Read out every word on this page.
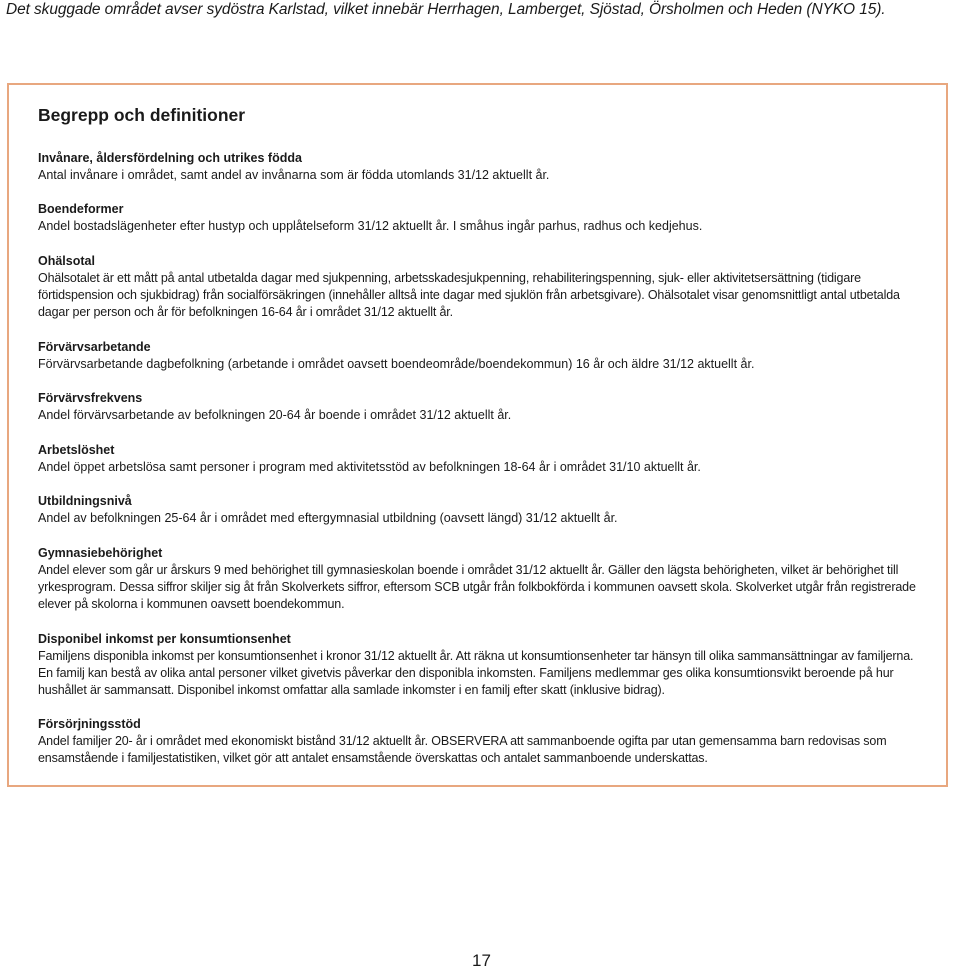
Det skuggade området avser sydöstra Karlstad, vilket innebär Herrhagen, Lamberget, Sjöstad, Örsholmen och Heden (NYKO 15).
Begrepp och definitioner
Invånare, åldersfördelning och utrikes födda
Antal invånare i området, samt andel av invånarna som är födda utomlands 31/12 aktuellt år.
Boendeformer
Andel bostadslägenheter efter hustyp och upplåtelseform 31/12 aktuellt år. I småhus ingår parhus, radhus och kedjehus.
Ohälsotal
Ohälsotalet är ett mått på antal utbetalda dagar med sjukpenning, arbetsskadesjukpenning, rehabiliteringspenning, sjuk- eller aktivitetsersättning (tidigare förtidspension och sjukbidrag) från socialförsäkringen (innehåller alltså inte dagar med sjuklön från arbetsgivare). Ohälsotalet visar genomsnittligt antal utbetalda dagar per person och år för befolkningen 16-64 år i området 31/12 aktuellt år.
Förvärvsarbetande
Förvärvsarbetande dagbefolkning (arbetande i området oavsett boendeområde/boendekommun) 16 år och äldre 31/12 aktuellt år.
Förvärvsfrekvens
Andel förvärvsarbetande av befolkningen 20-64 år boende i området 31/12 aktuellt år.
Arbetslöshet
Andel öppet arbetslösa samt personer i program med aktivitetsstöd av befolkningen 18-64 år i området 31/10 aktuellt år.
Utbildningsnivå
Andel av befolkningen 25-64 år i området med eftergymnasial utbildning (oavsett längd) 31/12 aktuellt år.
Gymnasiebehörighet
Andel elever som går ur årskurs 9 med behörighet till gymnasieskolan boende i området 31/12 aktuellt år. Gäller den lägsta behörigheten, vilket är behörighet till yrkesprogram. Dessa siffror skiljer sig åt från Skolverkets siffror, eftersom SCB utgår från folkbokförda i kommunen oavsett skola. Skolverket utgår från registrerade elever på skolorna i kommunen oavsett boendekommun.
Disponibel inkomst per konsumtionsenhet
Familjens disponibla inkomst per konsumtionsenhet i kronor 31/12 aktuellt år. Att räkna ut konsumtionsenheter tar hänsyn till olika sammansättningar av familjerna. En familj kan bestå av olika antal personer vilket givetvis påverkar den disponibla inkomsten. Familjens medlemmar ges olika konsumtionsvikt beroende på hur hushållet är sammansatt. Disponibel inkomst omfattar alla samlade inkomster i en familj efter skatt (inklusive bidrag).
Försörjningsstöd
Andel familjer 20- år i området med ekonomiskt bistånd 31/12 aktuellt år. OBSERVERA att sammanboende ogifta par utan gemensamma barn redovisas som ensamstående i familjestatistiken, vilket gör att antalet ensamstående överskattas och antalet sammanboende underskattas.
17
